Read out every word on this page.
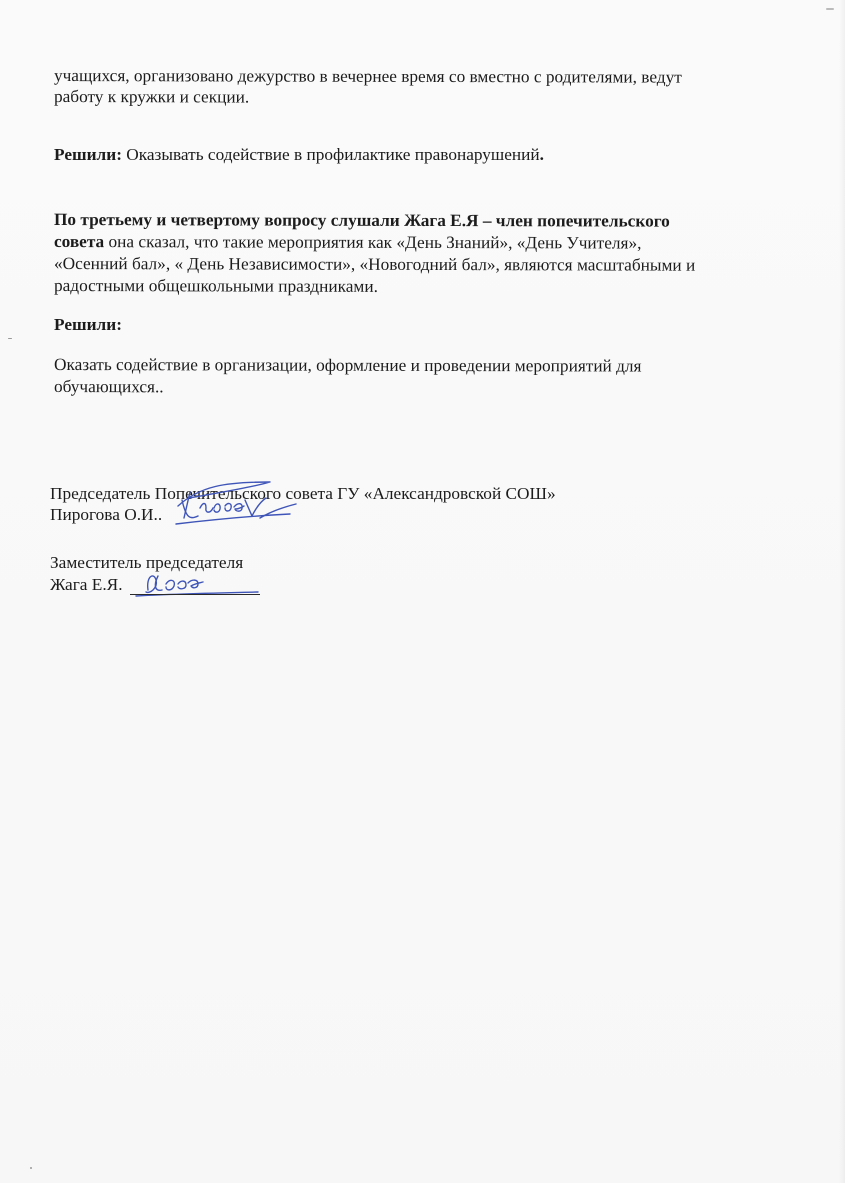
учащихся, организовано дежурство в вечернее время со вместно с родителями, ведут
работу к кружки и секции.
Решили: Оказывать содействие в профилактике правонарушений.
По третьему и четвертому вопросу слушали Жага Е.Я – член попечительского
совета она сказал, что такие мероприятия как «День Знаний», «День Учителя»,
«Осенний бал», « День Независимости», «Новогодний бал», являются масштабными и
радостными общешкольными праздниками.
Решили:
Оказать содействие в организации, оформление и проведении мероприятий для
обучающихся..
Председатель Попечительского совета ГУ «Александровской СОШ»
Пирогова О.И..
Заместитель председателя
Жага Е.Я.
